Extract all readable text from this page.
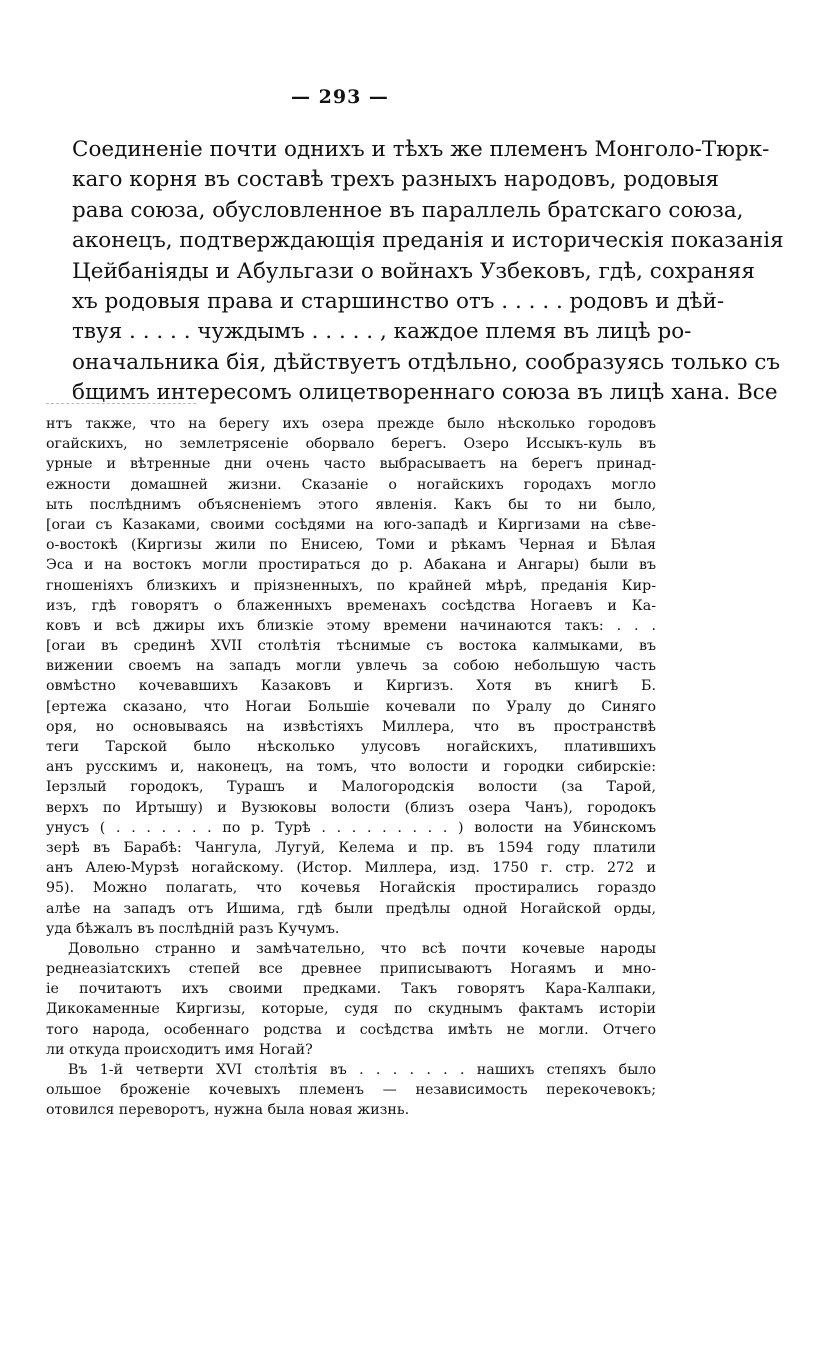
— 293 —
Соединеніе почти однихъ и тѣхъ же племенъ Монголо-Тюрк-
каго корня въ составѣ трехъ разныхъ народовъ, родовыя
рава союза, обусловленное въ параллель братскаго союза,
аконецъ, подтверждающія преданія и историческія показанія
Цейбаніяды и Абульгази о войнахъ Узбековъ, гдѣ, сохраняя
хъ родовыя права и старшинство отъ . . . . . родовъ и дѣй-
твуя . . . . . чуждымъ . . . . . , каждое племя въ лицѣ ро-
оначальника бія, дѣйствуетъ отдѣльно, сообразуясь только съ
бщимъ интересомъ олицетвореннаго союза въ лицѣ хана. Все
нтъ также, что на берегу ихъ озера прежде было нѣсколько городовъ
огайскихъ, но землетрясеніе оборвало берегъ. Озеро Иссыкъ-куль въ
урные и вѣтренные дни очень часто выбрасываетъ на берегъ принад-
ежности домашней жизни. Сказаніе о ногайскихъ городахъ могло
ыть послѣднимъ объясненіемъ этого явленія. Какъ бы то ни было,
[огаи съ Казаками, своими сосѣдями на юго-западѣ и Киргизами на сѣве-
о-востокѣ (Киргизы жили по Енисею, Томи и рѣкамъ Черная и Бѣлая
Эса и на востокъ могли простираться до р. Абакана и Ангары) были въ
гношеніяхъ близкихъ и пріязненныхъ, по крайней мѣрѣ, преданія Кир-
изъ, гдѣ говорятъ о блаженныхъ временахъ сосѣдства Ногаевъ и Ка-
ковъ и всѣ джиры ихъ близкіе этому времени начинаются такъ: . . .
[огаи въ срединѣ XVII столѣтія тѣснимые съ востока калмыками, въ
вижении своемъ на западъ могли увлечь за собою небольшую часть
овмѣстно кочевавшихъ Казаковъ и Киргизъ. Хотя въ книгѣ Б.
[ертежа сказано, что Ногаи Большіе кочевали по Уралу до Синяго
оря, но основываясь на извѣстіяхъ Миллера, что въ пространствѣ
теги Тарской было нѣсколько улусовъ ногайскихъ, платившихъ
анъ русскимъ и, наконецъ, на томъ, что волости и городки сибирскіе:
Іерзлый городокъ, Турашъ и Малогородскія волости (за Тарой,
верхъ по Иртышу) и Вузюковы волости (близъ озера Чанъ), городокъ
унусъ ( . . . . . . . по р. Турѣ . . . . . . . . . ) волости на Убинскомъ
зерѣ въ Барабѣ: Чангула, Лугуй, Келема и пр. въ 1594 году платили
анъ Алею-Мурзѣ ногайскому. (Истор. Миллера, изд. 1750 г. стр. 272 и
95). Можно полагать, что кочевья Ногайскія простирались гораздо
алѣе на западъ отъ Ишима, гдѣ были предѣлы одной Ногайской орды,
уда бѣжалъ въ послѣдній разъ Кучумъ.
Довольно странно и замѣчательно, что всѣ почти кочевые народы
реднеазіатскихъ степей все древнее приписываютъ Ногаямъ и мно-
іе почитаютъ ихъ своими предками. Такъ говорятъ Кара-Калпаки,
Дикокаменные Киргизы, которые, судя по скуднымъ фактамъ исторіи
того народа, особеннаго родства и сосѣдства имѣть не могли. Отчего
ли откуда происходитъ имя Ногай?
Въ 1-й четверти XVI столѣтія въ . . . . . . . нашихъ степяхъ было
ольшое броженіе кочевыхъ племенъ — независимость перекочевокъ;
отовился переворотъ, нужна была новая жизнь.
